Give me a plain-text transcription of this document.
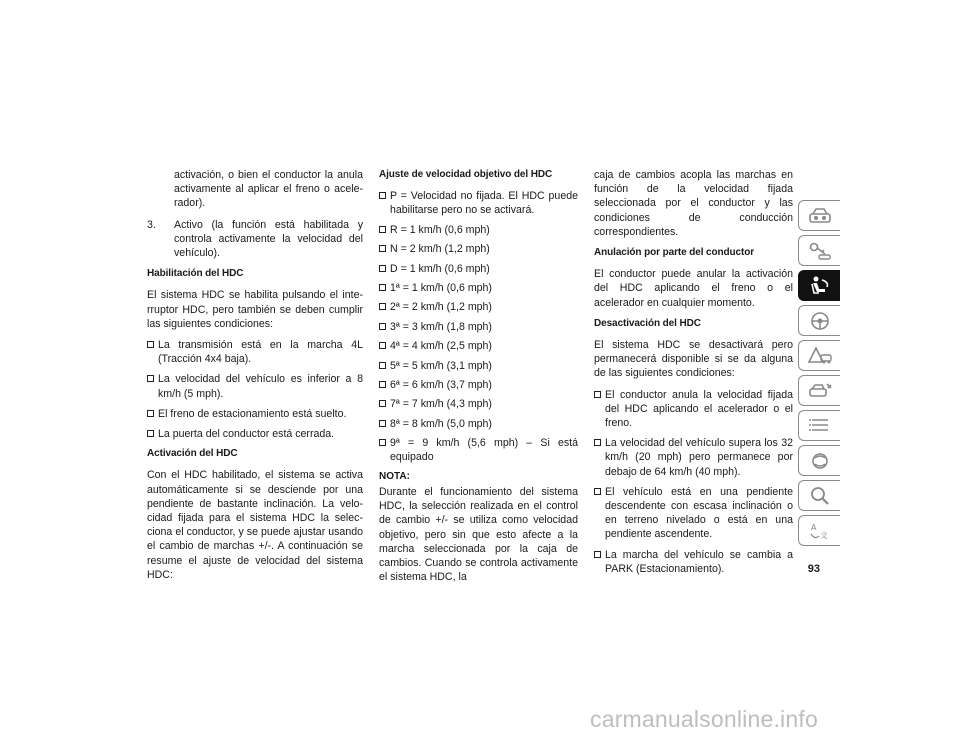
activación, o bien el conductor la anula activamente al aplicar el freno o acelerador).

3.	Activo (la función está habilitada y controla activamente la velocidad del vehículo).
Habilitación del HDC

El sistema HDC se habilita pulsando el interruptor HDC, pero también se deben cumplir las siguientes condiciones:

La transmisión está en la marcha 4L (Tracción 4x4 baja).
La velocidad del vehículo es inferior a 8 km/h (5 mph).
El freno de estacionamiento está suelto.
La puerta del conductor está cerrada.
Activación del HDC

Con el HDC habilitado, el sistema se activa automáticamente si se desciende por una pendiente de bastante inclinación. La velocidad fijada para el sistema HDC la selecciona el conductor, y se puede ajustar usando el cambio de marchas +/-. A continuación se resume el ajuste de velocidad del sistema HDC:

Ajuste de velocidad objetivo del HDC
P = Velocidad no fijada. El HDC puede habilitarse pero no se activará.
R = 1 km/h (0,6 mph)
N = 2 km/h (1,2 mph)
D = 1 km/h (0,6 mph)
1ª = 1 km/h (0,6 mph)
2ª = 2 km/h (1,2 mph)
3ª = 3 km/h (1,8 mph)
4ª = 4 km/h (2,5 mph)
5ª = 5 km/h (3,1 mph)
6ª = 6 km/h (3,7 mph)
7ª = 7 km/h (4,3 mph)
8ª = 8 km/h (5,0 mph)
9ª = 9 km/h (5,6 mph) – Si está equipado
NOTA:

Durante el funcionamiento del sistema HDC, la selección realizada en el control de cambio +/- se utiliza como velocidad objetivo, pero sin que esto afecte a la marcha seleccionada por la caja de cambios. Cuando se controla activamente el sistema HDC, la

caja de cambios acopla las marchas en función de la velocidad fijada seleccionada por el conductor y las condiciones de conducción correspondientes.

Anulación por parte del conductor

El conductor puede anular la activación del HDC aplicando el freno o el acelerador en cualquier momento.

Desactivación del HDC

El sistema HDC se desactivará pero permanecerá disponible si se da alguna de las siguientes condiciones:

El conductor anula la velocidad fijada del HDC aplicando el acelerador o el freno.
La velocidad del vehículo supera los 32 km/h (20 mph) pero permanece por debajo de 64 km/h (40 mph).
El vehículo está en una pendiente descendente con escasa inclinación o en terreno nivelado o está en una pendiente ascendente.
La marcha del vehículo se cambia a PARK (Estacionamiento).
A
文
93
carmanualsonline.info
